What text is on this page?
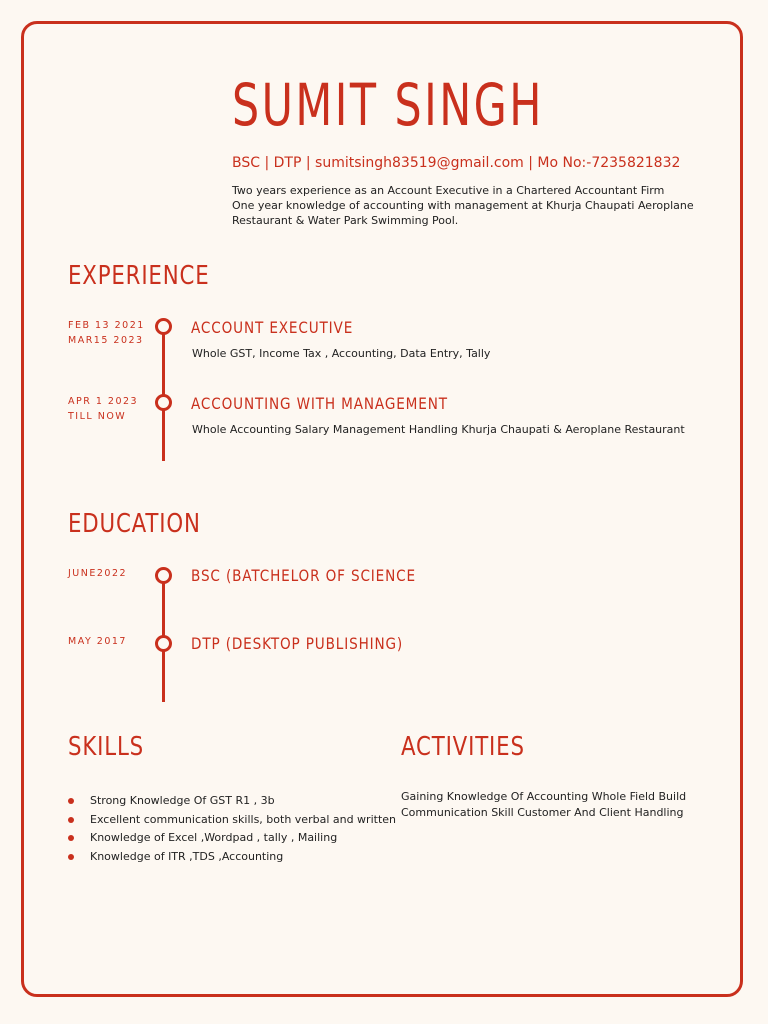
SUMIT SINGH
BSC | DTP | sumitsingh83519@gmail.com | Mo No:-7235821832
Two years experience as an Account Executive in a Chartered Accountant Firm
One year knowledge of accounting with management at Khurja Chaupati Aeroplane
Restaurant & Water Park Swimming Pool.
EXPERIENCE
FEB 13 2021
MAR15 2023
ACCOUNT EXECUTIVE
Whole GST, Income Tax , Accounting, Data Entry, Tally
APR 1 2023
TILL NOW
ACCOUNTING WITH MANAGEMENT
Whole Accounting Salary Management Handling Khurja Chaupati & Aeroplane Restaurant
EDUCATION
JUNE2022	BSC (BATCHELOR OF SCIENCE
MAY 2017	DTP (DESKTOP PUBLISHING)
SKILLS
Strong Knowledge Of GST R1 , 3b
Excellent communication skills, both verbal and written
Knowledge of Excel ,Wordpad , tally , Mailing
Knowledge of ITR ,TDS ,Accounting
ACTIVITIES
Gaining Knowledge Of Accounting Whole Field Build
Communication Skill Customer And Client Handling
